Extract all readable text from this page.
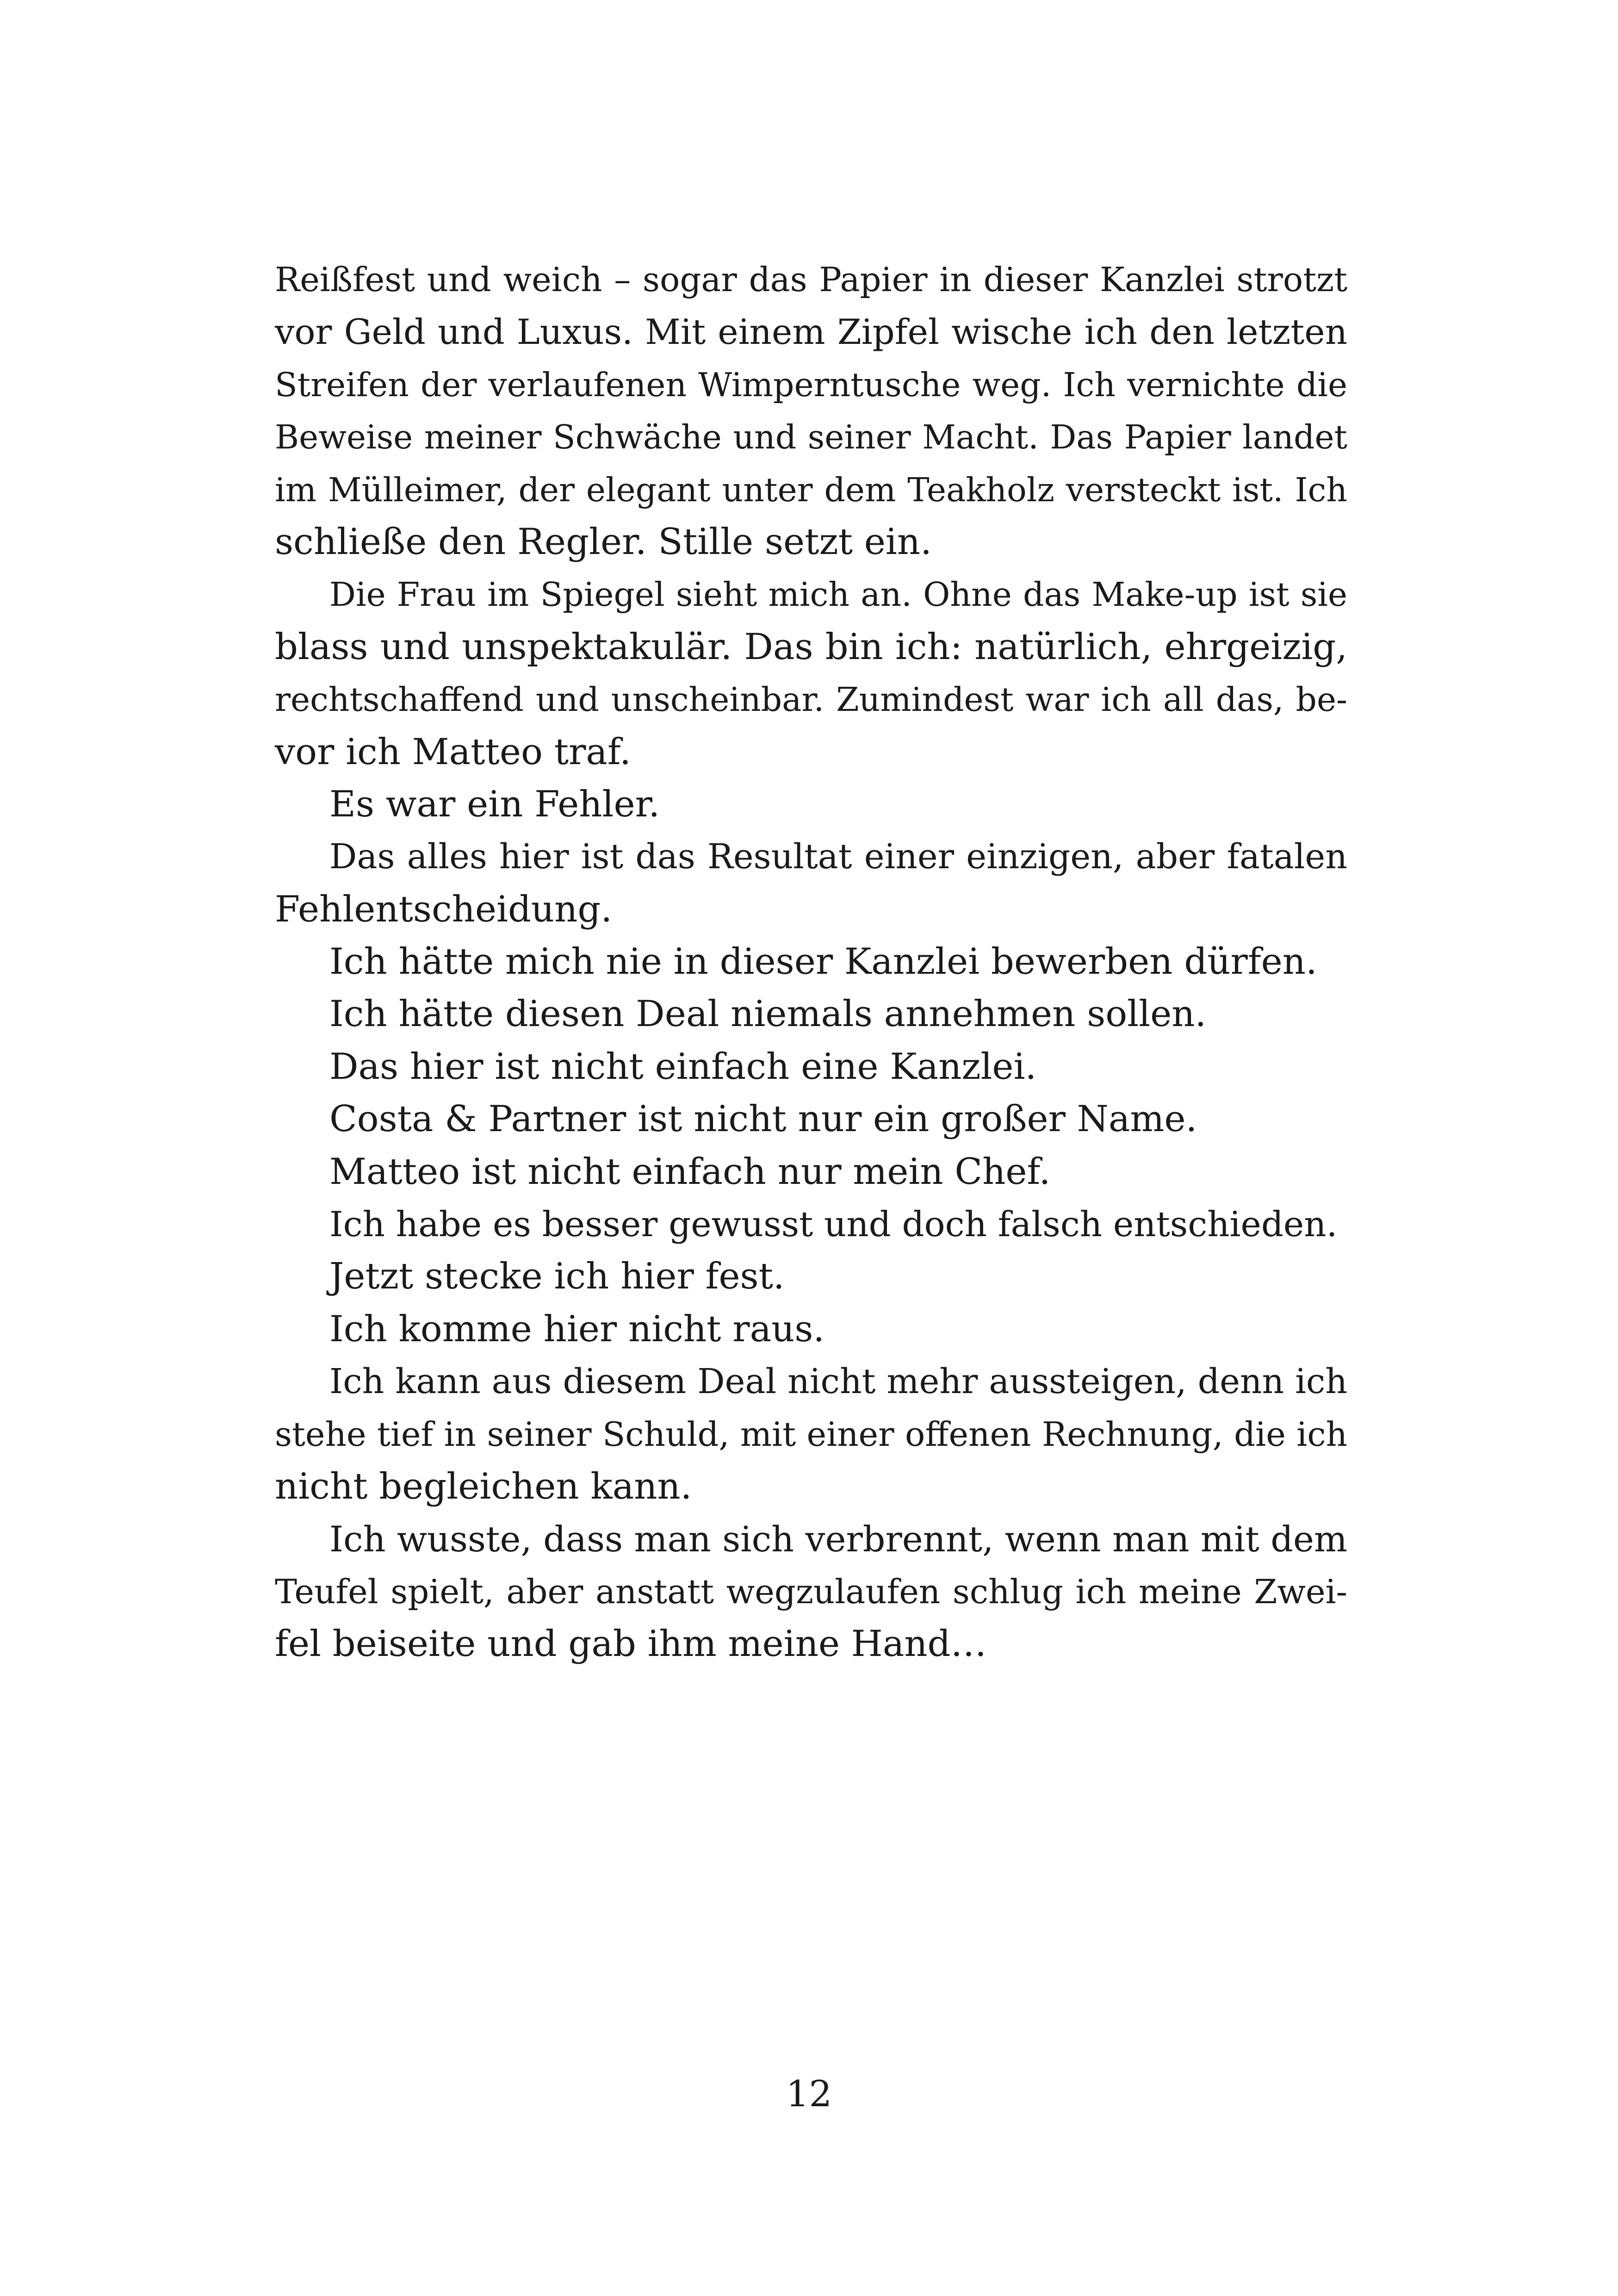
Reißfest und weich – sogar das Papier in dieser Kanzlei strotzt
vor Geld und Luxus. Mit einem Zipfel wische ich den letzten
Streifen der verlaufenen Wimperntusche weg. Ich vernichte die
Beweise meiner Schwäche und seiner Macht. Das Papier landet
im Mülleimer, der elegant unter dem Teakholz versteckt ist. Ich
schließe den Regler. Stille setzt ein.
Die Frau im Spiegel sieht mich an. Ohne das Make-up ist sie
blass und unspektakulär. Das bin ich: natürlich, ehrgeizig,
rechtschaffend und unscheinbar. Zumindest war ich all das, be-
vor ich Matteo traf.
Es war ein Fehler.
Das alles hier ist das Resultat einer einzigen, aber fatalen
Fehlentscheidung.
Ich hätte mich nie in dieser Kanzlei bewerben dürfen.
Ich hätte diesen Deal niemals annehmen sollen.
Das hier ist nicht einfach eine Kanzlei.
Costa & Partner ist nicht nur ein großer Name.
Matteo ist nicht einfach nur mein Chef.
Ich habe es besser gewusst und doch falsch entschieden.
Jetzt stecke ich hier fest.
Ich komme hier nicht raus.
Ich kann aus diesem Deal nicht mehr aussteigen, denn ich
stehe tief in seiner Schuld, mit einer offenen Rechnung, die ich
nicht begleichen kann.
Ich wusste, dass man sich verbrennt, wenn man mit dem
Teufel spielt, aber anstatt wegzulaufen schlug ich meine Zwei-
fel beiseite und gab ihm meine Hand…
12
